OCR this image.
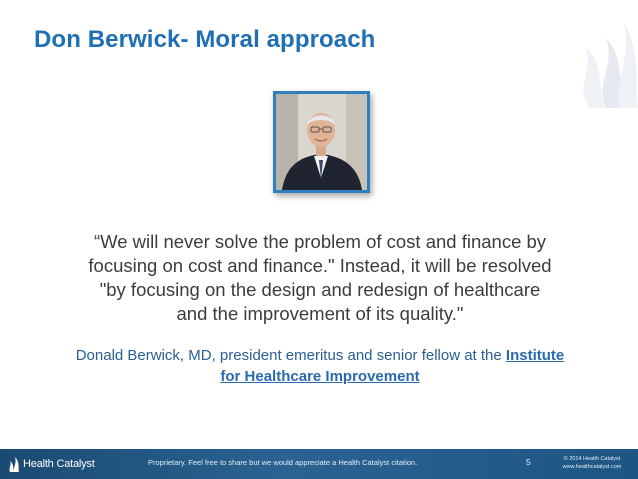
Don Berwick- Moral approach

“We will never solve the problem of cost and finance by
focusing on cost and finance." Instead, it will be resolved
"by focusing on the design and redesign of healthcare
and the improvement of its quality."

Donald Berwick, MD, president emeritus and senior fellow at the Institute
for Healthcare Improvement

Health Catalyst	Proprietary. Feel free to share but we would appreciate a Health Catalyst citation.	5	© 2014 Health Catalyst
www.healthcatalyst.com
